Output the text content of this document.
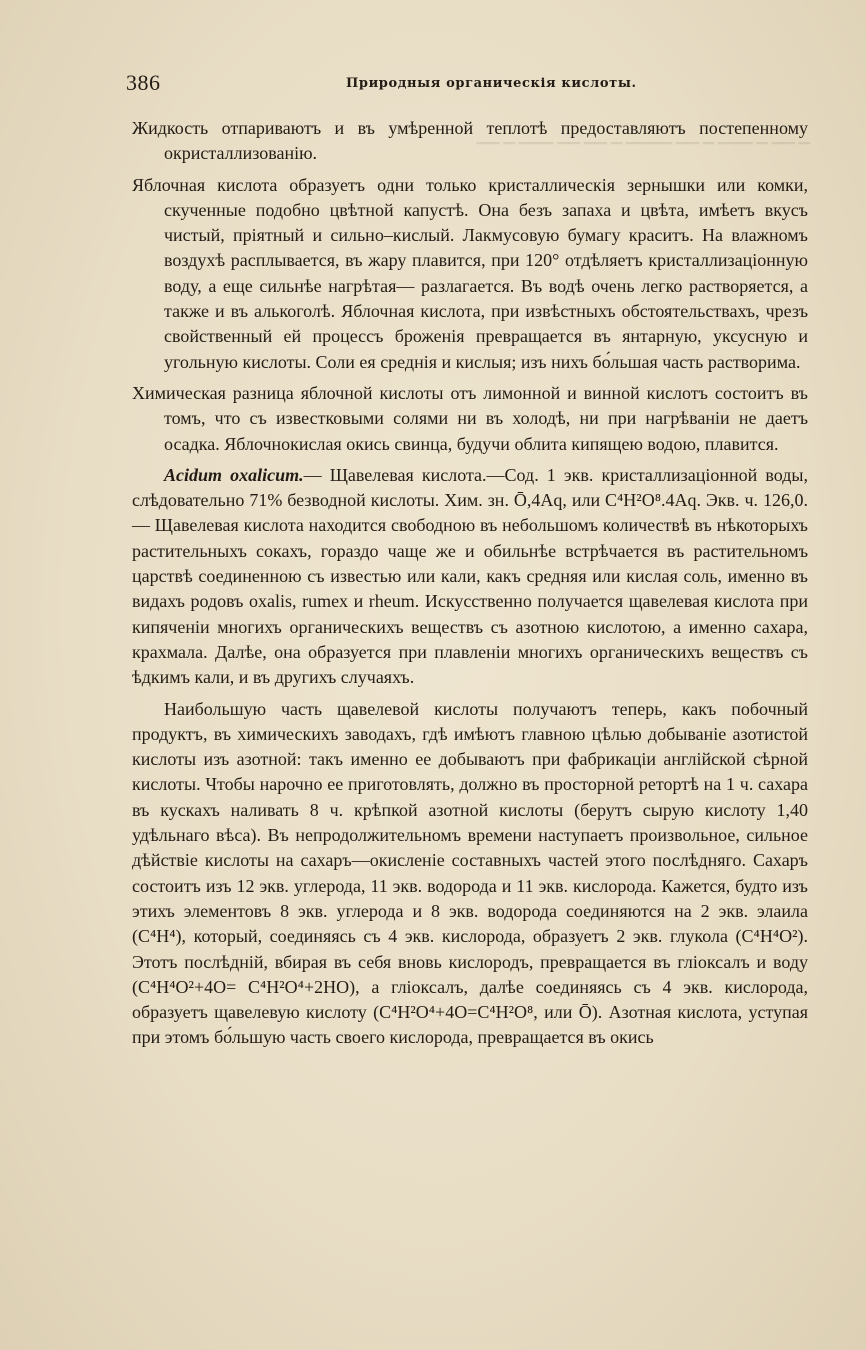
▔ ▔▔ ▔ ▔▔▔ ▔ ▔▔ ▔▔▔▔ ▔ ▔▔ ▔▔ ▔▔▔ ▔ ▔▔
386	Природныя органическія кислоты.

Жидкость отпариваютъ и въ умѣренной теплотѣ предоставляютъ постепенному окристаллизованію.

Яблочная кислота образуетъ одни только кристаллическія зернышки или комки, скученные подобно цвѣтной капустѣ. Она безъ запаха и цвѣта, имѣетъ вкусъ чистый, пріятный и сильно–кислый. Лакмусовую бумагу краситъ. На влажномъ воздухѣ расплывается, въ жару плавится, при 120° отдѣляетъ кристаллизаціонную воду, а еще сильнѣе нагрѣтая— разлагается. Въ водѣ очень легко растворяется, а также и въ алькоголѣ. Яблочная кислота, при извѣстныхъ обстоятельствахъ, чрезъ свойственный ей процессъ броженія превращается въ янтарную, уксусную и угольную кислоты. Соли ея среднія и кислыя; изъ нихъ бо́льшая часть растворима.

Химическая разница яблочной кислоты отъ лимонной и винной кислотъ состоитъ въ томъ, что съ известковыми солями ни въ холодѣ, ни при нагрѣваніи не даетъ осадка. Яблочнокислая окись свинца, будучи облита кипящею водою, плавится.

Acidum oxalicum.— Щавелевая кислота.—Сод. 1 экв. кристаллизаціонной воды, слѣдовательно 71% безводной кислоты. Хим. зн. Ō,4Aq, или C⁴H²O⁸.4Aq. Экв. ч. 126,0. — Щавелевая кислота находится свободною въ небольшомъ количествѣ въ нѣкоторыхъ растительныхъ сокахъ, гораздо чаще же и обильнѣе встрѣчается въ растительномъ царствѣ соединенною съ известью или кали, какъ средняя или кислая соль, именно въ видахъ родовъ oxalis, rumex и rheum. Искусственно получается щавелевая кислота при кипяченіи многихъ органическихъ веществъ съ азотною кислотою, а именно сахара, крахмала. Далѣе, она образуется при плавленіи многихъ органическихъ веществъ съ ѣдкимъ кали, и въ другихъ случаяхъ.

Наибольшую часть щавелевой кислоты получаютъ теперь, какъ побочный продуктъ, въ химическихъ заводахъ, гдѣ имѣютъ главною цѣлью добываніе азотистой кислоты изъ азотной: такъ именно ее добываютъ при фабрикаціи англійской сѣрной кислоты. Чтобы нарочно ее приготовлять, должно въ просторной ретортѣ на 1 ч. сахара въ кускахъ наливать 8 ч. крѣпкой азотной кислоты (берутъ сырую кислоту 1,40 удѣльнаго вѣса). Въ непродолжительномъ времени наступаетъ произвольное, сильное дѣйствіе кислоты на сахаръ—окисленіе составныхъ частей этого послѣдняго. Сахаръ состоитъ изъ 12 экв. углерода, 11 экв. водорода и 11 экв. кислорода. Кажется, будто изъ этихъ элементовъ 8 экв. углерода и 8 экв. водорода соединяются на 2 экв. элаила (C⁴H⁴), который, соединяясь съ 4 экв. кислорода, образуетъ 2 экв. глукола (C⁴H⁴O²). Этотъ послѣдній, вбирая въ себя вновь кислородъ, превращается въ гліоксалъ и воду (C⁴H⁴O²+4O= C⁴H²O⁴+2HO), а гліоксалъ, далѣе соединяясь съ 4 экв. кислорода, образуетъ щавелевую кислоту (C⁴H²O⁴+4O=C⁴H²O⁸, или Ō). Азотная кислота, уступая при этомъ бо́льшую часть своего кислорода, превращается въ окись
